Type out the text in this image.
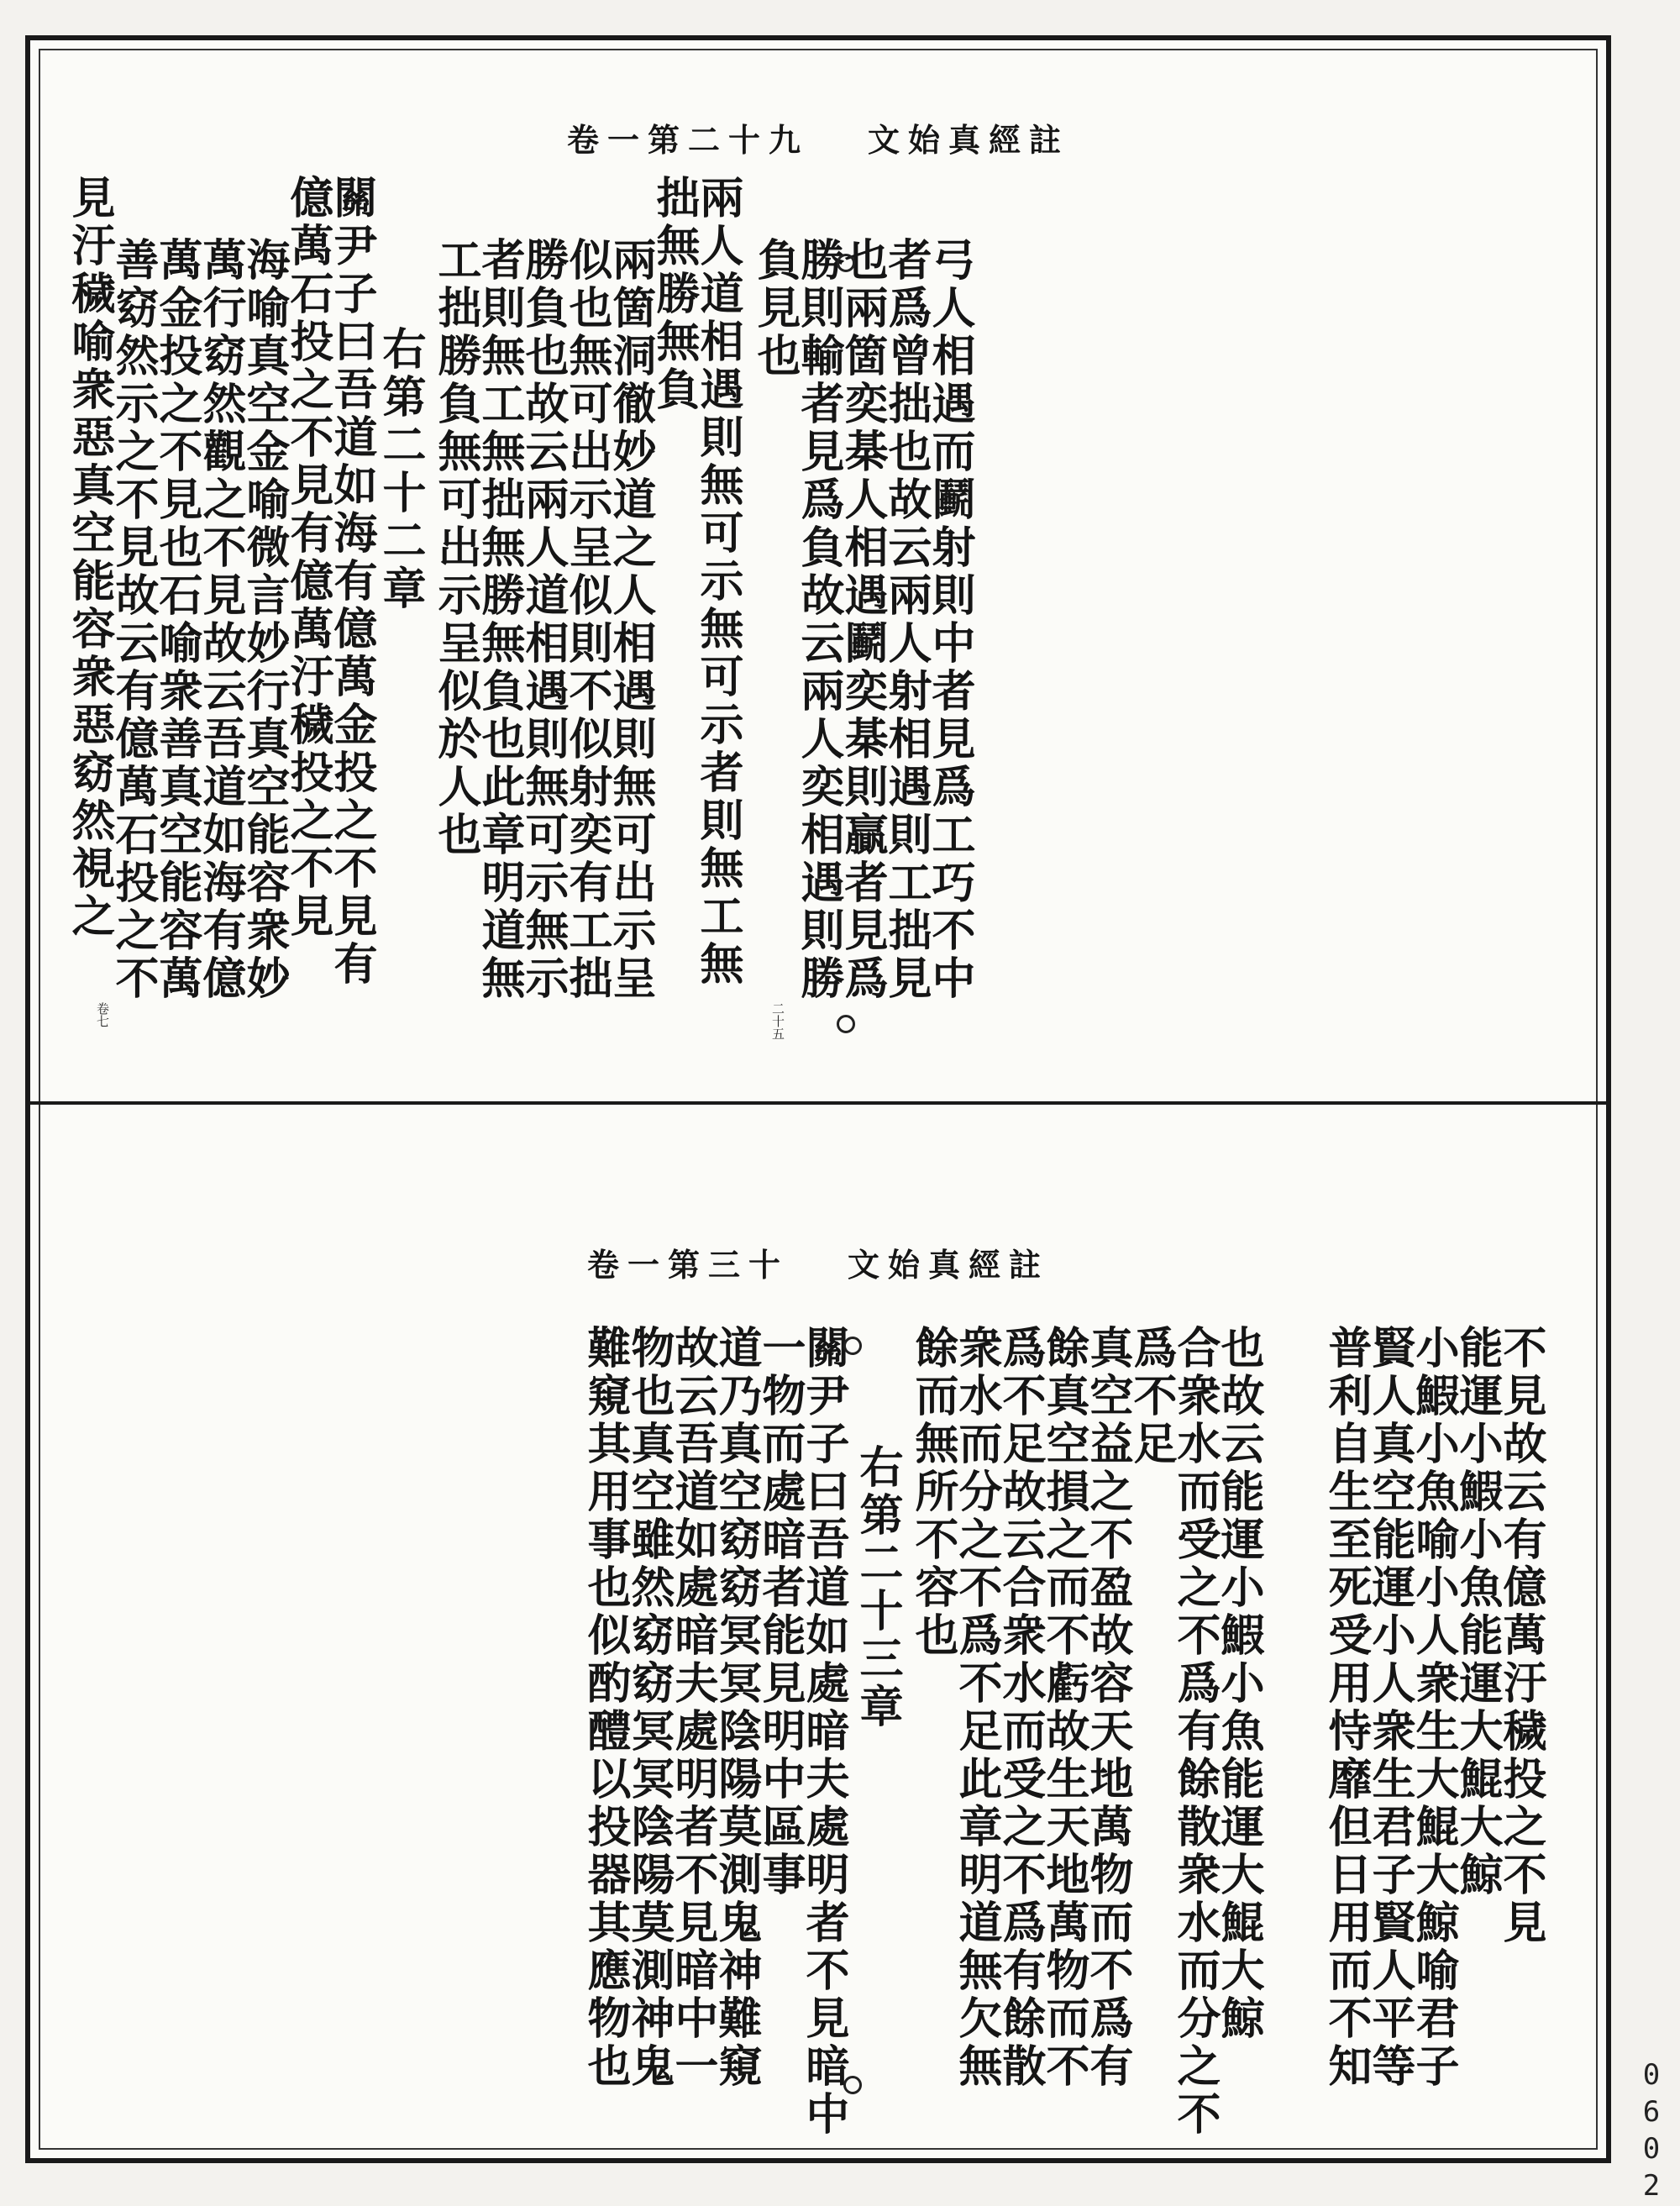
卷一第二十九 文始真經註
弓人相遇而鬬射則中者見爲工巧不中
者爲曾拙也故云兩人射相遇則工拙見
也兩箇奕棊人相遇鬬奕棊則贏者見爲
勝則輸者見爲負故云兩人奕相遇則勝
負見也
兩人道相遇則無可示無可示者則無工無
拙無勝無負
兩箇洞徹妙道之人相遇則無可出示呈
似也無可出示呈似則不似射奕有工拙
勝負也故云兩人道相遇則無可示無示
者則無工無拙無勝無負也此章明道無
工拙勝負無可出示呈似於人也
右第二十二章
關尹子曰吾道如海有億萬金投之不見有
億萬石投之不見有億萬汙穢投之不見
海喻真空金喻微言妙行真空能容衆妙
萬行窈然觀之不見故云吾道如海有億
萬金投之不見也石喻衆善真空能容萬
善窈然示之不見故云有億萬石投之不
見汙穢喻衆惡真空能容衆惡窈然視之
卷七	二十五
卷一第三十 文始真經註
不見故云有億萬汙穢投之不見
能運小鰕小魚能運大鯤大鯨
小鰕小魚喻小人衆生大鯤大鯨喻君子
賢人真空能運小人衆生君子賢人平等
普利自生至死受用恃靡但日用而不知
也故云能運小鰕小魚能運大鯤大鯨
合衆水而受之不爲有餘散衆水而分之不
爲不足
真空益之不盈故容天地萬物而不爲有
餘真空損之而不虧故生天地萬物而不
爲不足故云合衆水而受之不爲有餘散
衆水而分之不爲不足此章明道無欠無
餘而無所不容也
右第二十三章
關尹子曰吾道如處暗夫處明者不見暗中
一物而處暗者能見明中區事
道乃真空窈窈冥冥陰陽莫測鬼神難窺
故云吾道如處暗夫處明者不見暗中一
物也真空雖然窈窈冥冥陰陽莫測神鬼
難窺其用事也似酌醴以投器其應物也
0602
